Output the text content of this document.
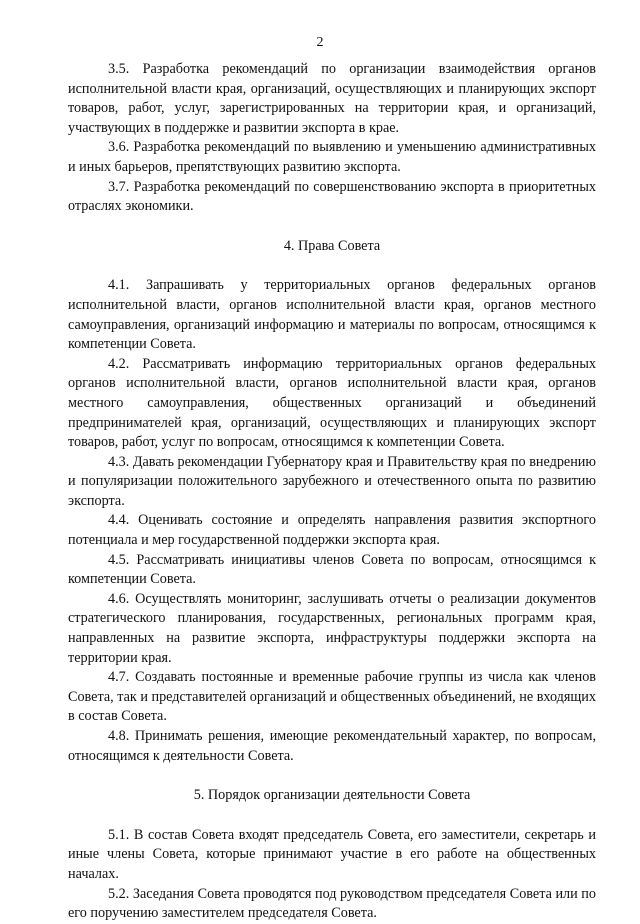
2

3.5. Разработка рекомендаций по организации взаимодействия органов исполнительной власти края, организаций, осуществляющих и планирующих экспорт товаров, работ, услуг, зарегистрированных на территории края, и организаций, участвующих в поддержке и развитии экспорта в крае.

3.6. Разработка рекомендаций по выявлению и уменьшению административных и иных барьеров, препятствующих развитию экспорта.

3.7. Разработка рекомендаций по совершенствованию экспорта в приоритетных отраслях экономики.

4. Права Совета

4.1. Запрашивать у территориальных органов федеральных органов исполнительной власти, органов исполнительной власти края, органов местного самоуправления, организаций информацию и материалы по вопросам, относящимся к компетенции Совета.

4.2. Рассматривать информацию территориальных органов федеральных органов исполнительной власти, органов исполнительной власти края, органов местного самоуправления, общественных организаций и объединений предпринимателей края, организаций, осуществляющих и планирующих экспорт товаров, работ, услуг по вопросам, относящимся к компетенции Совета.

4.3. Давать рекомендации Губернатору края и Правительству края по внедрению и популяризации положительного зарубежного и отечественного опыта по развитию экспорта.

4.4. Оценивать состояние и определять направления развития экспортного потенциала и мер государственной поддержки экспорта края.

4.5. Рассматривать инициативы членов Совета по вопросам, относящимся к компетенции Совета.

4.6. Осуществлять мониторинг, заслушивать отчеты о реализации документов стратегического планирования, государственных, региональных программ края, направленных на развитие экспорта, инфраструктуры поддержки экспорта на территории края.

4.7. Создавать постоянные и временные рабочие группы из числа как членов Совета, так и представителей организаций и общественных объединений, не входящих в состав Совета.

4.8. Принимать решения, имеющие рекомендательный характер, по вопросам, относящимся к деятельности Совета.

5. Порядок организации деятельности Совета

5.1. В состав Совета входят председатель Совета, его заместители, секретарь и иные члены Совета, которые принимают участие в его работе на общественных началах.

5.2. Заседания Совета проводятся под руководством председателя Совета или по его поручению заместителем председателя Совета.
